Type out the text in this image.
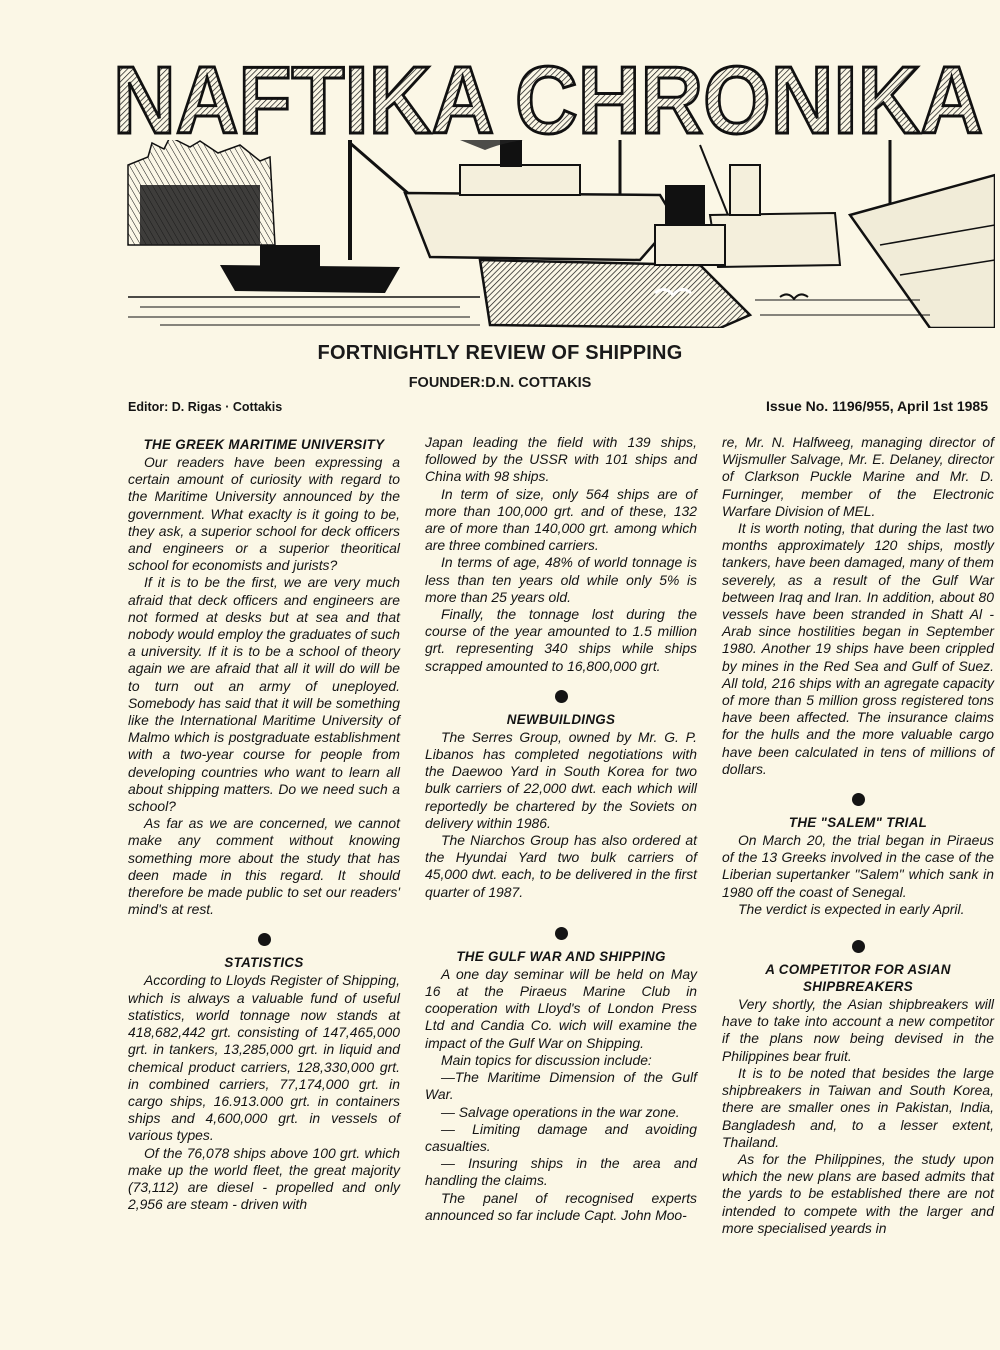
NAFTIKA CHRONIKA
FORTNIGHTLY REVIEW OF SHIPPING
FOUNDER:D.N. COTTAKIS
Editor: D. Rigas · Cottakis	Issue No. 1196/955, April 1st 1985
THE GREEK MARITIME UNIVERSITY

Our readers have been expressing a certain amount of curiosity with regard to the Maritime University announced by the government. What exaclty is it going to be, they ask, a superior school for deck officers and engineers or a superior theoritical school for economists and jurists?

If it is to be the first, we are very much afraid that deck officers and engineers are not formed at desks but at sea and that nobody would employ the graduates of such a university. If it is to be a school of theory again we are afraid that all it will do will be to turn out an army of uneployed. Somebody has said that it will be something like the International Maritime University of Malmo which is postgraduate establishment with a two-year course for people from developing countries who want to learn all about shipping matters. Do we need such a school?

As far as we are concerned, we cannot make any comment without knowing something more about the study that has deen made in this regard. It should therefore be made public to set our readers' mind's at rest.

STATISTICS

According to Lloyds Register of Shipping, which is always a valuable fund of useful statistics, world tonnage now stands at 418,682,442 grt. consisting of 147,465,000 grt. in tankers, 13,285,000 grt. in liquid and chemical product carriers, 128,330,000 grt. in combined carriers, 77,174,000 grt. in cargo ships, 16.913.000 grt. in containers ships and 4,600,000 grt. in vessels of various types.

Of the 76,078 ships above 100 grt. which make up the world fleet, the great majority (73,112) are diesel - propelled and only 2,956 are steam - driven with

Japan leading the field with 139 ships, followed by the USSR with 101 ships and China with 98 ships.

In term of size, only 564 ships are of more than 100,000 grt. and of these, 132 are of more than 140,000 grt. among which are three combined carriers.

In terms of age, 48% of world tonnage is less than ten years old while only 5% is more than 25 years old.

Finally, the tonnage lost during the course of the year amounted to 1.5 million grt. representing 340 ships while ships scrapped amounted to 16,800,000 grt.

NEWBUILDINGS

The Serres Group, owned by Mr. G. P. Libanos has completed negotiations with the Daewoo Yard in South Korea for two bulk carriers of 22,000 dwt. each which will reportedly be chartered by the Soviets on delivery within 1986.

The Niarchos Group has also ordered at the Hyundai Yard two bulk carriers of 45,000 dwt. each, to be delivered in the first quarter of 1987.

THE GULF WAR AND SHIPPING

A one day seminar will be held on May 16 at the Piraeus Marine Club in cooperation with Lloyd's of London Press Ltd and Candia Co. wich will examine the impact of the Gulf War on Shipping.

Main topics for discussion include:

—The Maritime Dimension of the Gulf War.

— Salvage operations in the war zone.

— Limiting damage and avoiding casualties.

— Insuring ships in the area and handling the claims.

The panel of recognised experts announced so far include Capt. John Moo-

re, Mr. N. Halfweeg, managing director of Wijsmuller Salvage, Mr. E. Delaney, director of Clarkson Puckle Marine and Mr. D. Furninger, member of the Electronic Warfare Division of MEL.

It is worth noting, that during the last two months approximately 120 ships, mostly tankers, have been damaged, many of them severely, as a result of the Gulf War between Iraq and Iran. In addition, about 80 vessels have been stranded in Shatt Al - Arab since hostilities began in September 1980. Another 19 ships have been crippled by mines in the Red Sea and Gulf of Suez. All told, 216 ships with an agregate capacity of more than 5 million gross registered tons have been affected. The insurance claims for the hulls and the more valuable cargo have been calculated in tens of millions of dollars.

THE "SALEM" TRIAL

On March 20, the trial began in Piraeus of the 13 Greeks involved in the case of the Liberian supertanker "Salem" which sank in 1980 off the coast of Senegal.

The verdict is expected in early April.

A COMPETITOR FOR ASIAN SHIPBREAKERS

Very shortly, the Asian shipbreakers will have to take into account a new competitor if the plans now being devised in the Philippines bear fruit.

It is to be noted that besides the large shipbreakers in Taiwan and South Korea, there are smaller ones in Pakistan, India, Bangladesh and, to a lesser extent, Thailand.

As for the Philippines, the study upon which the new plans are based admits that the yards to be established there are not intended to compete with the larger and more specialised yeards in
